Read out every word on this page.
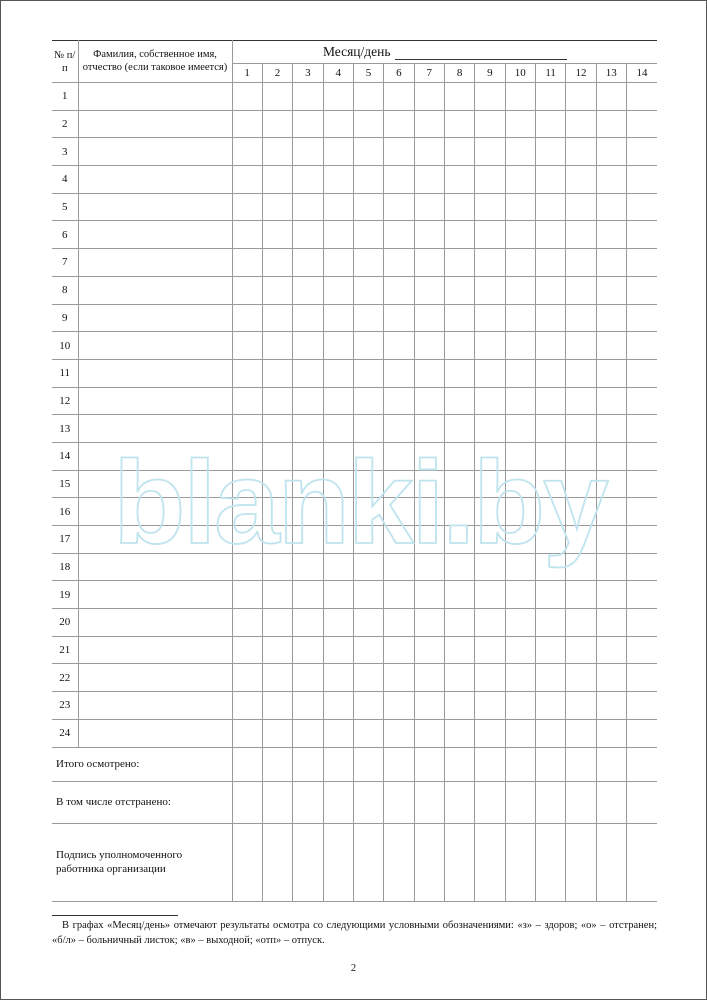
№ п/п	Фамилия, собственное имя, отчество (если таковое имеется)	Месяц/день													
		1	2	3	4	5	6	7	8	9	10	11	12	13	14
1															
2															
3															
4															
5															
6															
7															
8															
9															
10															
11															
12															
13															
14															
15															
16															
17															
18															
19															
20															
21															
22															
23															
24															
Итого осмотрено:															
В том числе отстранено:															

Подпись уполномоченного работника организации															

blanki.by
В графах «Месяц/день» отмечают результаты осмотра со следующими условными обозначениями: «з» – здоров; «о» – отстранен; «б/л» – больничный листок; «в» – выходной; «отп» – отпуск.
2
